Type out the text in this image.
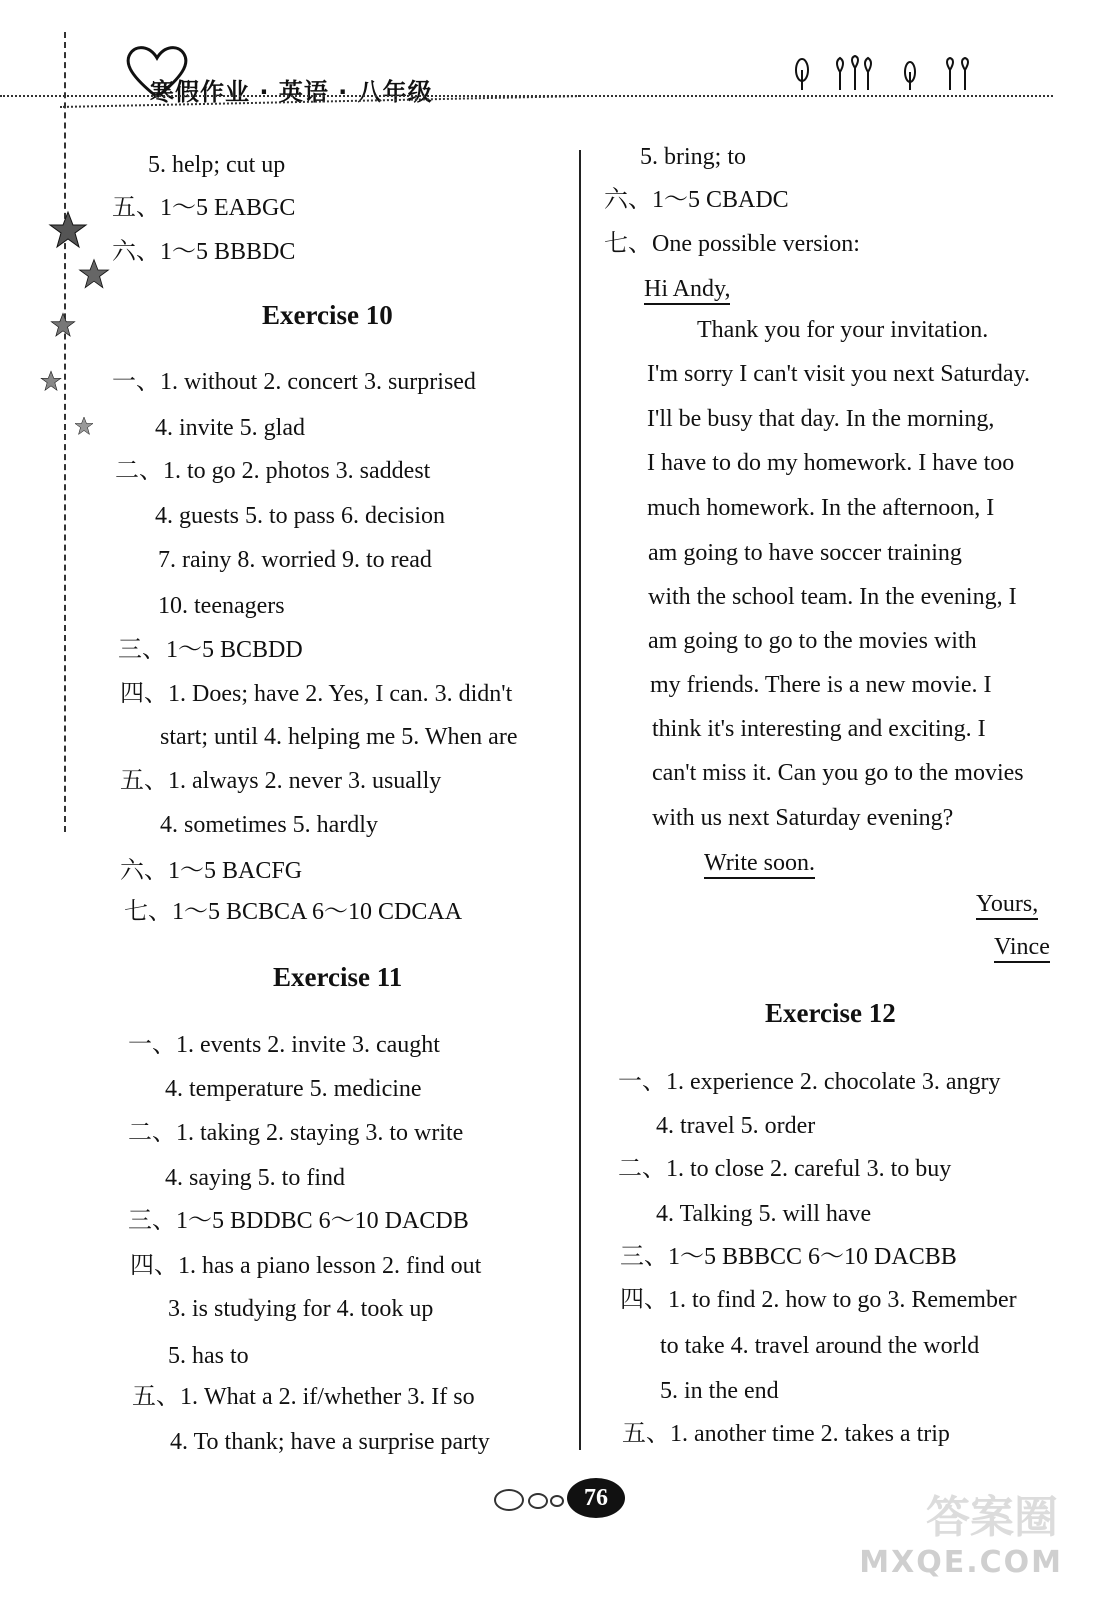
寒假作业 · 英语 · 八年级
5. help; cut up
五、1～5 EABGC
六、1～5 BBBDC
Exercise 10
一、1. without 2. concert 3. surprised
4. invite 5. glad
二、1. to go 2. photos 3. saddest
4. guests 5. to pass 6. decision
7. rainy 8. worried 9. to read
10. teenagers
三、1～5 BCBDD
四、1. Does; have 2. Yes, I can. 3. didn't
start; until 4. helping me 5. When are
五、1. always 2. never 3. usually
4. sometimes 5. hardly
六、1～5 BACFG
七、1～5 BCBCA 6～10 CDCAA
Exercise 11
一、1. events 2. invite 3. caught
4. temperature 5. medicine
二、1. taking 2. staying 3. to write
4. saying 5. to find
三、1～5 BDDBC 6～10 DACDB
四、1. has a piano lesson 2. find out
3. is studying for 4. took up
5. has to
五、1. What a 2. if/whether 3. If so
4. To thank; have a surprise party
5. bring; to
六、1～5 CBADC
七、One possible version:
Hi Andy,
Thank you for your invitation.
I'm sorry I can't visit you next Saturday.
I'll be busy that day. In the morning,
I have to do my homework. I have too
much homework. In the afternoon, I
am going to have soccer training
with the school team. In the evening, I
am going to go to the movies with
my friends. There is a new movie. I
think it's interesting and exciting. I
can't miss it. Can you go to the movies
with us next Saturday evening?
Write soon.
Yours,
Vince
Exercise 12
一、1. experience 2. chocolate 3. angry
4. travel 5. order
二、1. to close 2. careful 3. to buy
4. Talking 5. will have
三、1～5 BBBCC 6～10 DACBB
四、1. to find 2. how to go 3. Remember
to take 4. travel around the world
5. in the end
五、1. another time 2. takes a trip
76	答案圈
MXQE.COM
